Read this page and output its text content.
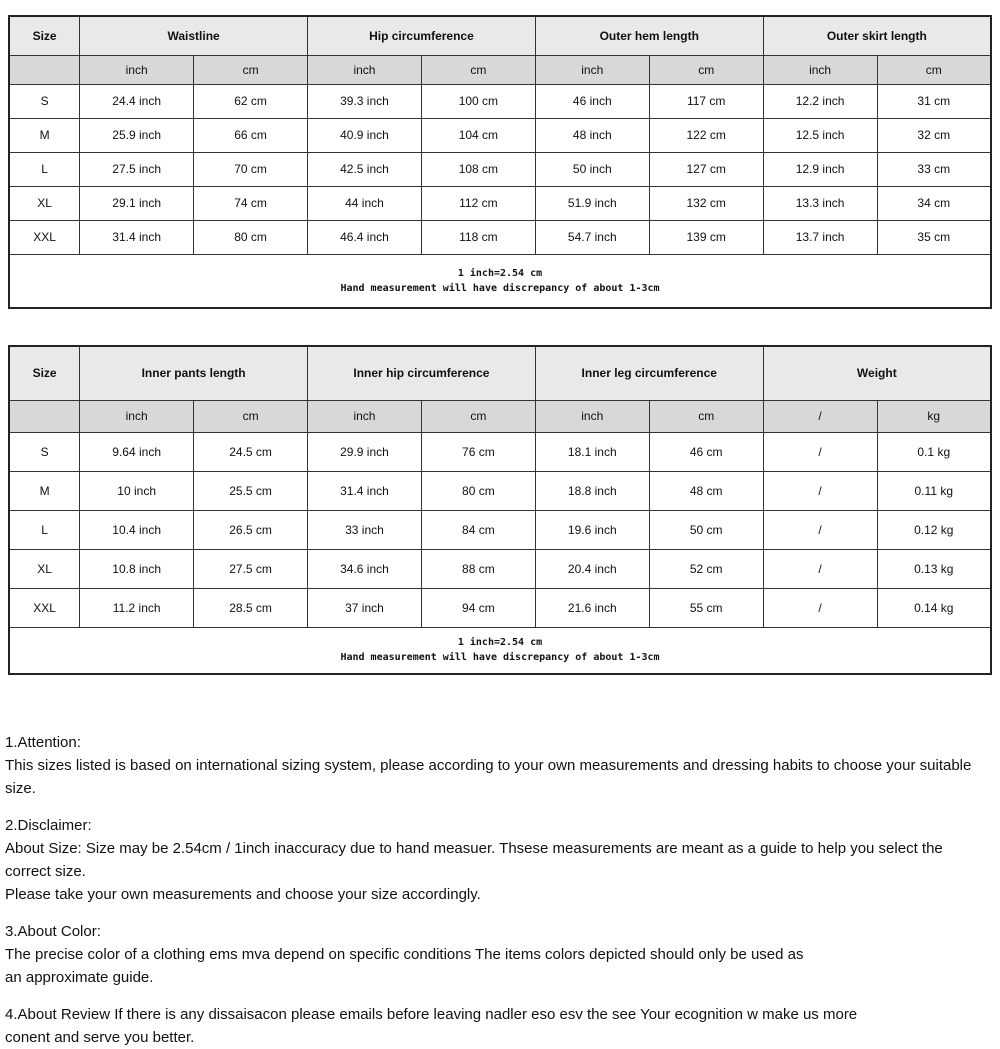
Size	Waistline		Hip circumference		Outer hem length		Outer skirt length	
	inch	cm	inch	cm	inch	cm	inch	cm
S	24.4 inch	62 cm	39.3 inch	100 cm	46 inch	117 cm	12.2 inch	31 cm
M	25.9 inch	66 cm	40.9 inch	104 cm	48 inch	122 cm	12.5 inch	32 cm
L	27.5 inch	70 cm	42.5 inch	108 cm	50 inch	127 cm	12.9 inch	33 cm
XL	29.1 inch	74 cm	44 inch	112 cm	51.9 inch	132 cm	13.3 inch	34 cm
XXL	31.4 inch	80 cm	46.4 inch	118 cm	54.7 inch	139 cm	13.7 inch	35 cm

1 inch=2.54 cm
Hand measurement will have discrepancy of about 1-3cm								
Size	Inner pants length		Inner hip circumference		Inner leg circumference		Weight	
	inch	cm	inch	cm	inch	cm	/	kg
S	9.64 inch	24.5 cm	29.9 inch	76 cm	18.1 inch	46 cm	/	0.1 kg
M	10 inch	25.5 cm	31.4 inch	80 cm	18.8 inch	48 cm	/	0.11 kg
L	10.4 inch	26.5 cm	33 inch	84 cm	19.6 inch	50 cm	/	0.12 kg
XL	10.8 inch	27.5 cm	34.6 inch	88 cm	20.4 inch	52 cm	/	0.13 kg
XXL	11.2 inch	28.5 cm	37 inch	94 cm	21.6 inch	55 cm	/	0.14 kg

1 inch=2.54 cm
Hand measurement will have discrepancy of about 1-3cm								
1.Attention:
This sizes listed is based on international sizing system, please according to your own measurements and dressing habits to choose your suitable size.
2.Disclaimer:
About Size: Size may be 2.54cm / 1inch inaccuracy due to hand measuer. Thsese measurements are meant as a guide to help you select the correct size.
Please take your own measurements and choose your size accordingly.
3.About Color:
The precise color of a clothing ems mva depend on specific conditions The items colors depicted should only be used as
an approximate guide.
4.About Review If there is any dissaisacon please emails before leaving nadler eso esv the see Your ecognition w make us more
conent and serve you better.
